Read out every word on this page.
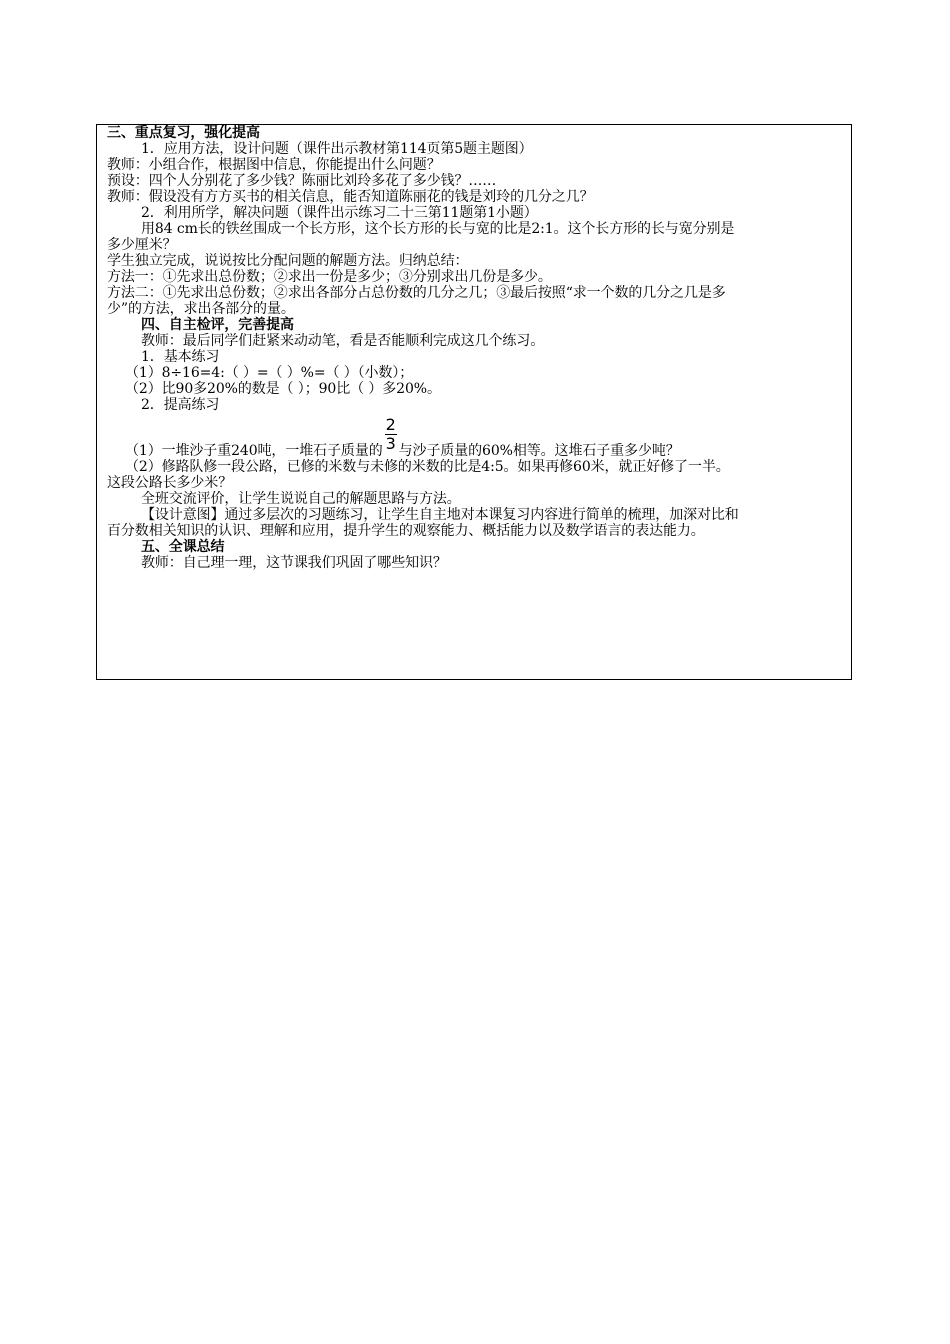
三、重点复习，强化提高
1．应用方法，设计问题（课件出示教材第114页第5题主题图）
教师：小组合作，根据图中信息，你能提出什么问题？
预设：四个人分别花了多少钱？陈丽比刘玲多花了多少钱？……
教师：假设没有方方买书的相关信息，能否知道陈丽花的钱是刘玲的几分之几？
2．利用所学，解决问题（课件出示练习二十三第11题第1小题）
用84 cm长的铁丝围成一个长方形，这个长方形的长与宽的比是2:1。这个长方形的长与宽分别是
多少厘米？
学生独立完成，说说按比分配问题的解题方法。归纳总结：
方法一：①先求出总份数；②求出一份是多少；③分别求出几份是多少。
方法二：①先求出总份数；②求出各部分占总份数的几分之几；③最后按照“求一个数的几分之几是多
少”的方法，求出各部分的量。
四、自主检评，完善提高
教师：最后同学们赶紧来动动笔，看是否能顺利完成这几个练习。
1．基本练习
（1）8÷16=4:（ ）=（ ）%=（ ）（小数）；
（2）比90多20%的数是（ ）；90比（ ）多20%。
2．提高练习
（1）一堆沙子重240吨，一堆石子质量的 $\frac{2}{3}$ 与沙子质量的60%相等。这堆石子重多少吨？
（2）修路队修一段公路，已修的米数与未修的米数的比是4:5。如果再修60米，就正好修了一半。
这段公路长多少米？
全班交流评价，让学生说说自己的解题思路与方法。
【设计意图】通过多层次的习题练习，让学生自主地对本课复习内容进行简单的梳理，加深对比和
百分数相关知识的认识、理解和应用，提升学生的观察能力、概括能力以及数学语言的表达能力。
五、全课总结
教师：自己理一理，这节课我们巩固了哪些知识？
